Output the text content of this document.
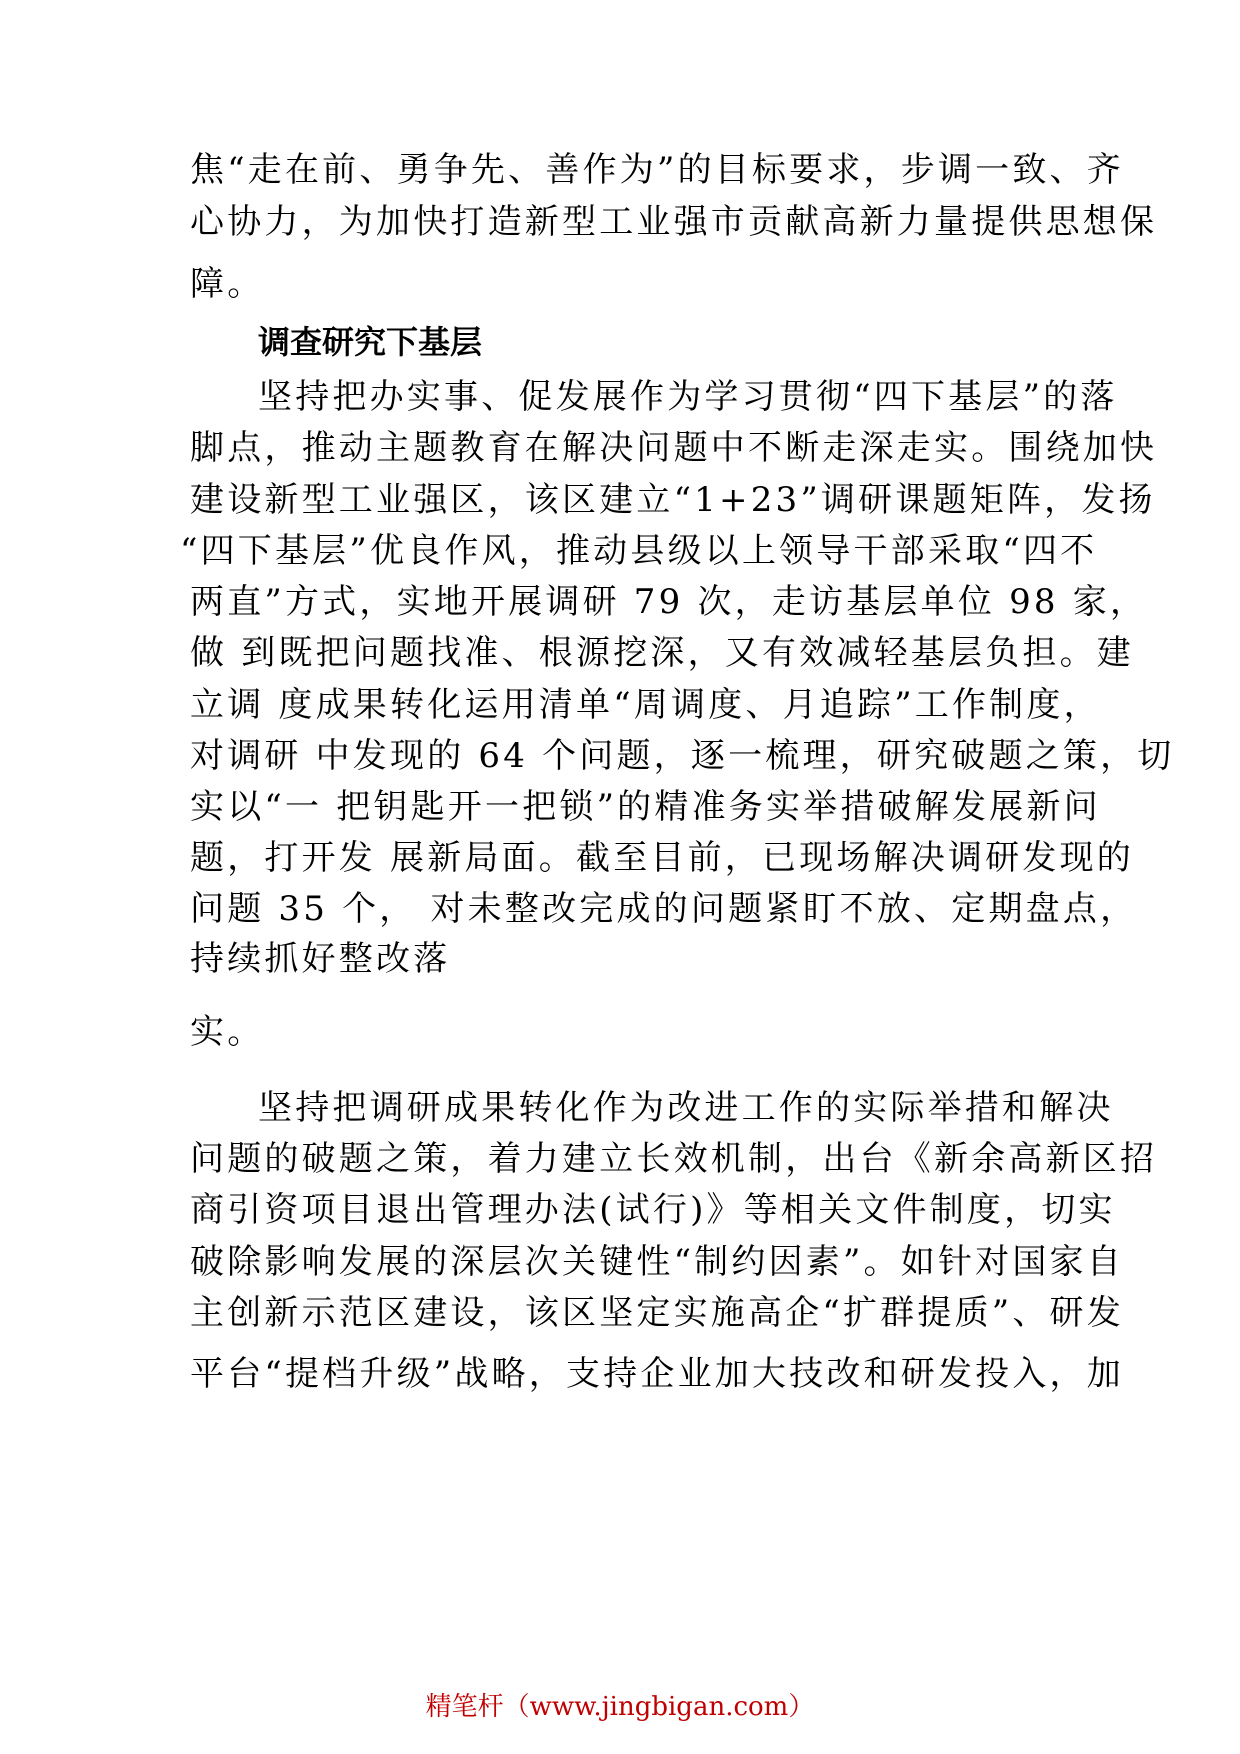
焦“走在前、勇争先、善作为”的目标要求，步调一致、齐
心协力，为加快打造新型工业强市贡献高新力量提供思想保
障。
调查研究下基层
坚持把办实事、促发展作为学习贯彻“四下基层”的落
脚点，推动主题教育在解决问题中不断走深走实。围绕加快
建设新型工业强区，该区建立“1+23”调研课题矩阵，发扬
“四下基层”优良作风，推动县级以上领导干部采取“四不
两直”方式，实地开展调研 79 次，走访基层单位 98 家，
做 到既把问题找准、根源挖深，又有效减轻基层负担。建
立调 度成果转化运用清单“周调度、月追踪”工作制度，
对调研 中发现的 64 个问题，逐一梳理，研究破题之策，切
实以“一 把钥匙开一把锁”的精准务实举措破解发展新问
题，打开发 展新局面。截至目前，已现场解决调研发现的
问题 35 个， 对未整改完成的问题紧盯不放、定期盘点，
持续抓好整改落
实。
坚持把调研成果转化作为改进工作的实际举措和解决
问题的破题之策，着力建立长效机制，出台《新余高新区招
商引资项目退出管理办法(试行)》等相关文件制度，切实
破除影响发展的深层次关键性“制约因素”。如针对国家自
主创新示范区建设，该区坚定实施高企“扩群提质”、研发
平台“提档升级”战略，支持企业加大技改和研发投入，加
精笔杆（www.jingbigan.com）
